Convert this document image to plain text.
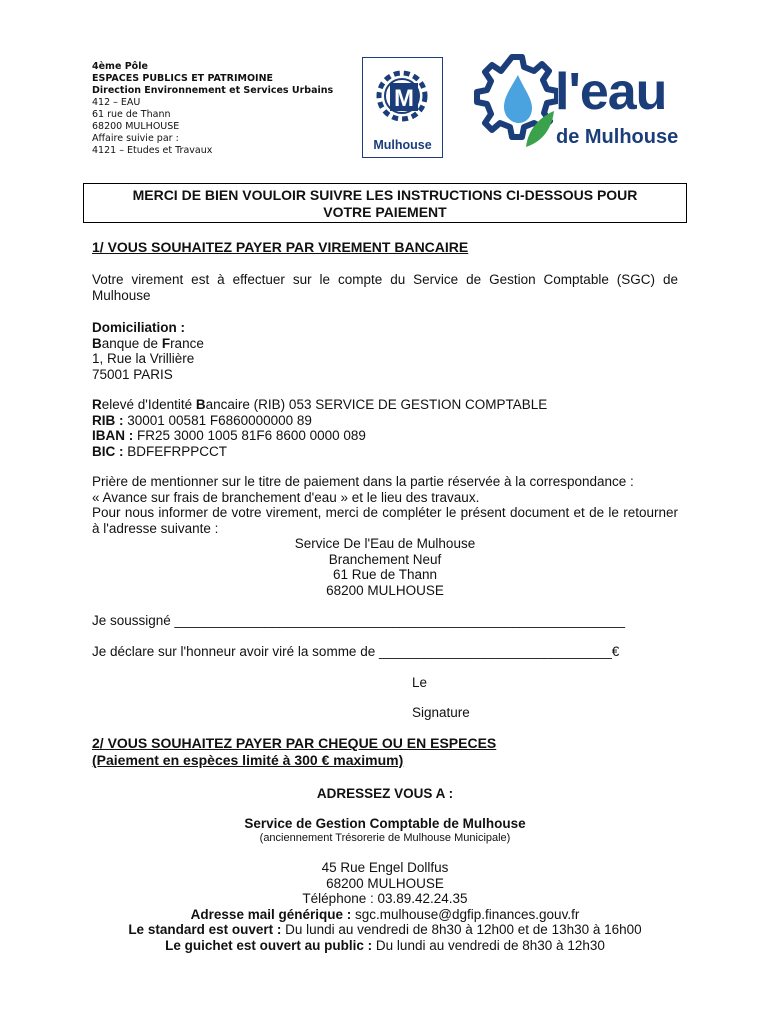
4ème Pôle
ESPACES PUBLICS ET PATRIMOINE
Direction Environnement et Services Urbains
412 – EAU
61 rue de Thann
68200 MULHOUSE
Affaire suivie par :
4121 – Etudes et Travaux
M
Mulhouse
l'eau
de Mulhouse
MERCI DE BIEN VOULOIR SUIVRE LES INSTRUCTIONS CI-DESSOUS POUR
VOTRE PAIEMENT
1/ VOUS SOUHAITEZ PAYER PAR VIREMENT BANCAIRE
Votre virement est à effectuer sur le compte du Service de Gestion Comptable (SGC) de Mulhouse
Domiciliation :
Banque de France
1, Rue la Vrillière
75001 PARIS
Relevé d'Identité Bancaire (RIB) 053 SERVICE DE GESTION COMPTABLE
RIB : 30001 00581 F6860000000 89
IBAN : FR25 3000 1005 81F6 8600 0000 089
BIC : BDFEFRPPCCT
Prière de mentionner sur le titre de paiement dans la partie réservée à la correspondance :
« Avance sur frais de branchement d'eau » et le lieu des travaux.
Pour nous informer de votre virement, merci de compléter le présent document et de le retourner à l'adresse suivante :
Service De l'Eau de Mulhouse
Branchement Neuf
61 Rue de Thann
68200 MULHOUSE
Je soussigné ____________________________________________________________
Je déclare sur l'honneur avoir viré la somme de _______________________________€
Le
Signature
2/ VOUS SOUHAITEZ PAYER PAR CHEQUE OU EN ESPECES
(Paiement en espèces limité à 300 € maximum)
ADRESSEZ VOUS A :
Service de Gestion Comptable de Mulhouse
(anciennement Trésorerie de Mulhouse Municipale)
45 Rue Engel Dollfus
68200 MULHOUSE
Téléphone : 03.89.42.24.35
Adresse mail générique : sgc.mulhouse@dgfip.finances.gouv.fr
Le standard est ouvert : Du lundi au vendredi de 8h30 à 12h00 et de 13h30 à 16h00
Le guichet est ouvert au public : Du lundi au vendredi de 8h30 à 12h30
